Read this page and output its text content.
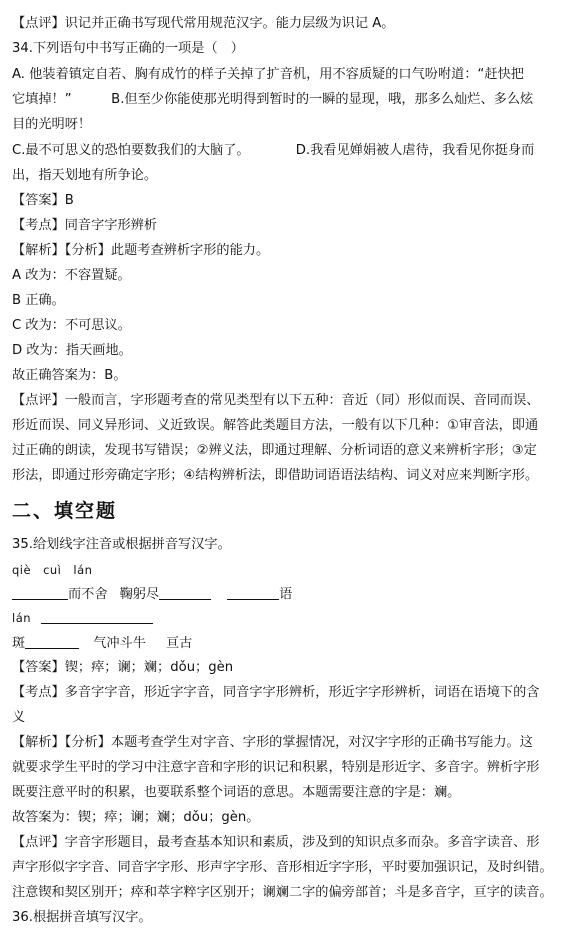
【点评】识记并正确书写现代常用规范汉字。能力层级为识记 A。
34.下列语句中书写正确的一项是（　）
A. 他装着镇定自若、胸有成竹的样子关掉了扩音机，用不容质疑的口气吩咐道：“赶快把
它填掉！”　　　B.但至少你能使那光明得到暂时的一瞬的显现，哦，那多么灿烂、多么炫
目的光明呀！
C.最不可思义的恐怕要数我们的大脑了。　　　　D.我看见婵娟被人虐待，我看见你挺身而
出，指天划地有所争论。
【答案】B
【考点】同音字字形辨析
【解析】【分析】此题考查辨析字形的能力。
A 改为：不容置疑。
B 正确。
C 改为：不可思议。
D 改为：指天画地。
故正确答案为：B。
【点评】一般而言，字形题考查的常见类型有以下五种：音近（同）形似而误、音同而误、
形近而误、同义异形词、义近致误。解答此类题目方法，一般有以下几种：①审音法，即通
过正确的朗读，发现书写错误；②辨义法，即通过理解、分析词语的意义来辨析字形；③定
形法，即通过形旁确定字形；④结构辨析法，即借助词语语法结构、词义对应来判断字形。
二、填空题
35.给划线字注音或根据拼音写汉字。
qiè　cuì　lán
而不舍 鞠躬尽	语
lán
斑	气冲斗牛 亘古
【答案】锲；瘁；谰；斓；dǒu；gèn
【考点】多音字字音，形近字字音，同音字字形辨析，形近字字形辨析，词语在语境下的含
义
【解析】【分析】本题考查学生对字音、字形的掌握情况，对汉字字形的正确书写能力。这
就要求学生平时的学习中注意字音和字形的识记和积累，特别是形近字、多音字。辨析字形
既要注意平时的积累，也要联系整个词语的意思。本题需要注意的字是：斓。
故答案为：锲；瘁；谰；斓；dǒu；gèn。
【点评】字音字形题目，最考查基本知识和素质，涉及到的知识点多而杂。多音字读音、形
声字形似字字音、同音字字形、形声字字形、音形相近字字形，平时要加强识记，及时纠错。
注意锲和契区别开；瘁和萃字粹字区别开；谰斓二字的偏旁部首；斗是多音字，亘字的读音。
36.根据拼音填写汉字。
